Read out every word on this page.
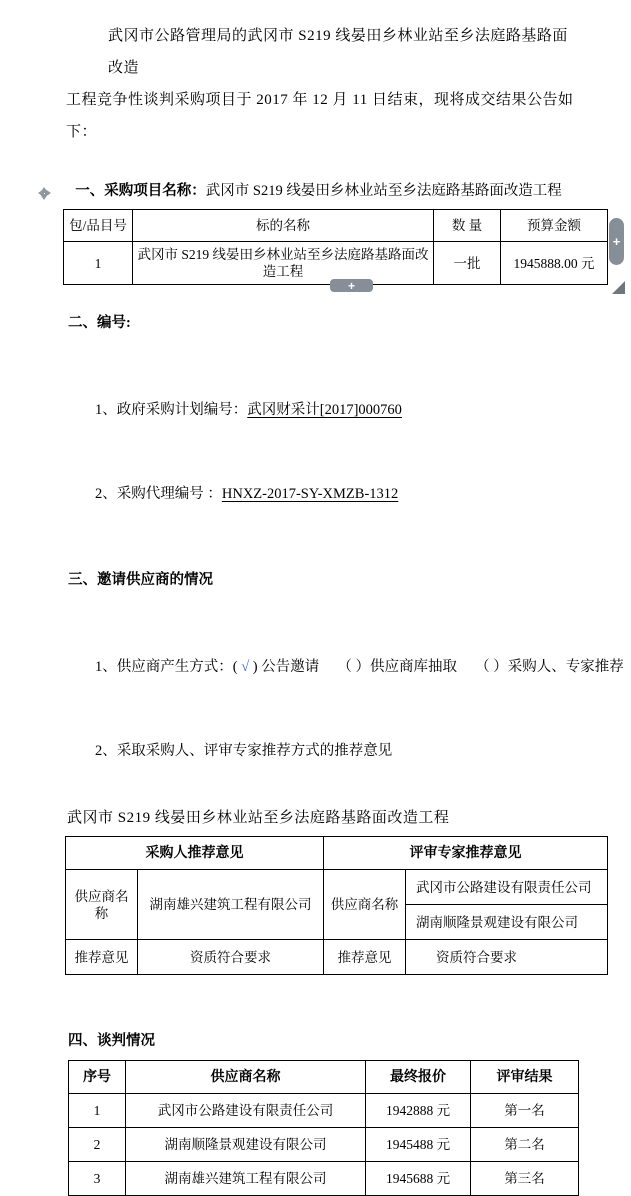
武冈市公路管理局的武冈市 S219 线晏田乡林业站至乡法庭路基路面改造
工程竞争性谈判采购项目于 2017 年 12 月 11 日结束，现将成交结果公告如下：

一、采购项目名称：武冈市 S219 线晏田乡林业站至乡法庭路基路面改造工程

包/品目号	标的名称	数 量	预算金额
1	武冈市 S219 线晏田乡林业站至乡法庭路基路面改造工程	一批	1945888.00 元
+
+
二、编号:

1、政府采购计划编号：武冈财采计[2017]000760

2、采购代理编号 ：HNXZ-2017-SY-XMZB-1312

三、邀请供应商的情况

1、供应商产生方式：( √ ) 公告邀请　 （ ）供应商库抽取　 （ ）采购人、专家推荐

2、采取采购人、评审专家推荐方式的推荐意见

武冈市 S219 线晏田乡林业站至乡法庭路基路面改造工程
采购人推荐意见		评审专家推荐意见	
供应商名称	湖南雄兴建筑工程有限公司	供应商名称	武冈市公路建设有限责任公司
			湖南顺隆景观建设有限公司
推荐意见	资质符合要求	推荐意见	资质符合要求
四、谈判情况
序号	供应商名称	最终报价	评审结果
1	武冈市公路建设有限责任公司	1942888 元	第一名
2	湖南顺隆景观建设有限公司	1945488 元	第二名
3	湖南雄兴建筑工程有限公司	1945688 元	第三名
